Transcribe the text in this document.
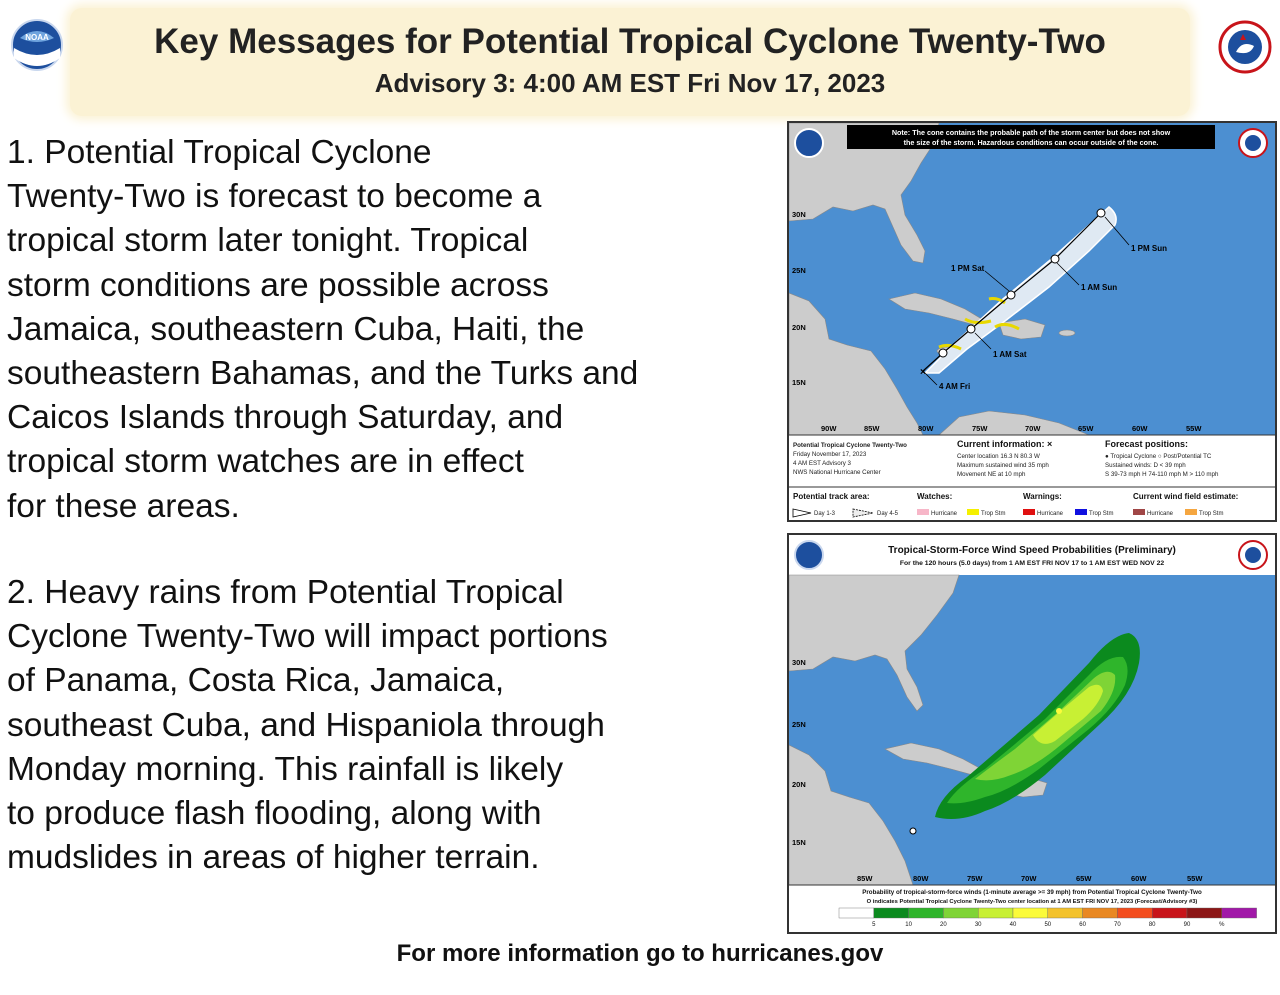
NOAA	Key Messages for Potential Tropical Cyclone Twenty-Two
Advisory 3: 4:00 AM EST Fri Nov 17, 2023
1. Potential Tropical Cyclone
Twenty-Two is forecast to become a
tropical storm later tonight. Tropical
storm conditions are possible across
Jamaica, southeastern Cuba, Haiti, the
southeastern Bahamas, and the Turks and
Caicos Islands through Saturday, and
tropical storm watches are in effect
for these areas.
2. Heavy rains from Potential Tropical
Cyclone Twenty-Two will impact portions
of Panama, Costa Rica, Jamaica,
southeast Cuba, and Hispaniola through
Monday morning. This rainfall is likely
to produce flash flooding, along with
mudslides in areas of higher terrain.
×
1 PM Sun
1 AM Sun
1 PM Sat
1 AM Sat
4 AM Fri
Note: The cone contains the probable path of the storm center but does not show
the size of the storm. Hazardous conditions can occur outside of the cone.
30N
25N
20N
15N
90W	85W	80W	75W	70W	65W	60W	55W
Potential Tropical Cyclone Twenty-Two
Friday November 17, 2023
4 AM EST Advisory 3
NWS National Hurricane Center
Current information: ×
Center location 16.3 N 80.3 W
Maximum sustained wind 35 mph
Movement NE at 10 mph
Forecast positions:
● Tropical Cyclone ○ Post/Potential TC
Sustained winds: D < 39 mph
S 39-73 mph H 74-110 mph M > 110 mph
Potential track area:	Watches:	Warnings:	Current wind field estimate:
Day 1-3	Day 4-5	Hurricane	Trop Stm	Hurricane	Trop Stm	Hurricane	Trop Stm
Tropical-Storm-Force Wind Speed Probabilities (Preliminary)
For the 120 hours (5.0 days) from 1 AM EST FRI NOV 17 to 1 AM EST WED NOV 22
30N
25N
20N
15N
85W	80W	75W	70W	65W	60W	55W
Probability of tropical-storm-force winds (1-minute average >= 39 mph) from Potential Tropical Cyclone Twenty-Two
O indicates Potential Tropical Cyclone Twenty-Two center location at 1 AM EST FRI NOV 17, 2023 (Forecast/Advisory #3)
5	10	20	30	40	50	60	70	80	90	%
For more information go to hurricanes.gov
